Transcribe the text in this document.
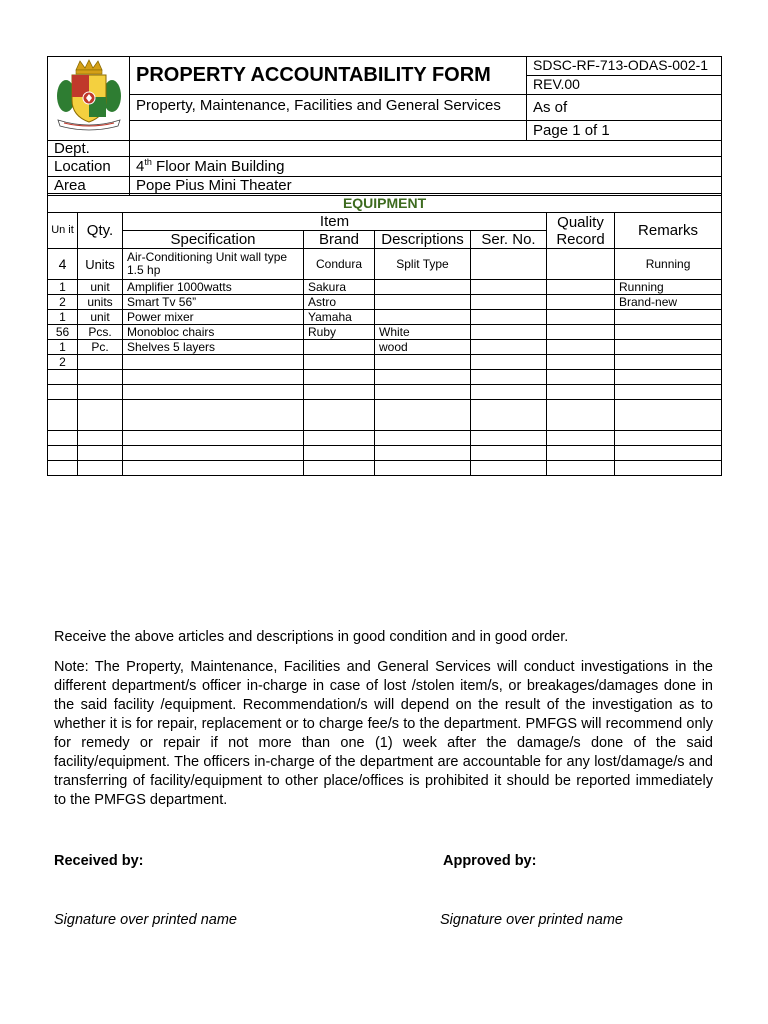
	PROPERTY ACCOUNTABILITY FORM	SDSC-RF-713-ODAS-002-1
		REV.00
	Property, Maintenance, Facilities and General Services	As of
		Page 1 of 1
Dept.		
Location	4th Floor Main Building	
Area	Pope Pius Mini Theater	
EQUIPMENT							
Un it	Qty.	Item				Quality Record	Remarks
		Specification	Brand	Descriptions	Ser. No.		
4	Units	Air-Conditioning Unit wall type 1.5 hp	Condura	Split Type			Running
1	unit	Amplifier 1000watts	Sakura				Running
2	units	Smart Tv 56”	Astro				Brand-new
1	unit	Power mixer	Yamaha				
56	Pcs.	Monobloc chairs	Ruby	White			
1	Pc.	Shelves 5 layers		wood			
2							

Receive the above articles and descriptions in good condition and in good order.
Note: The Property, Maintenance, Facilities and General Services will conduct investigations in the different department/s officer in-charge in case of lost /stolen item/s, or breakages/damages done in the said facility /equipment. Recommendation/s will depend on the result of the investigation as to whether it is for repair, replacement or to charge fee/s to the department. PMFGS will recommend only for remedy or repair if not more than one (1) week after the damage/s done of the said facility/equipment. The officers in-charge of the department are accountable for any lost/damage/s and transferring of facility/equipment to other place/offices is prohibited it should be reported immediately to the PMFGS department.
Received by:	Approved by:
Signature over printed name	Signature over printed name
